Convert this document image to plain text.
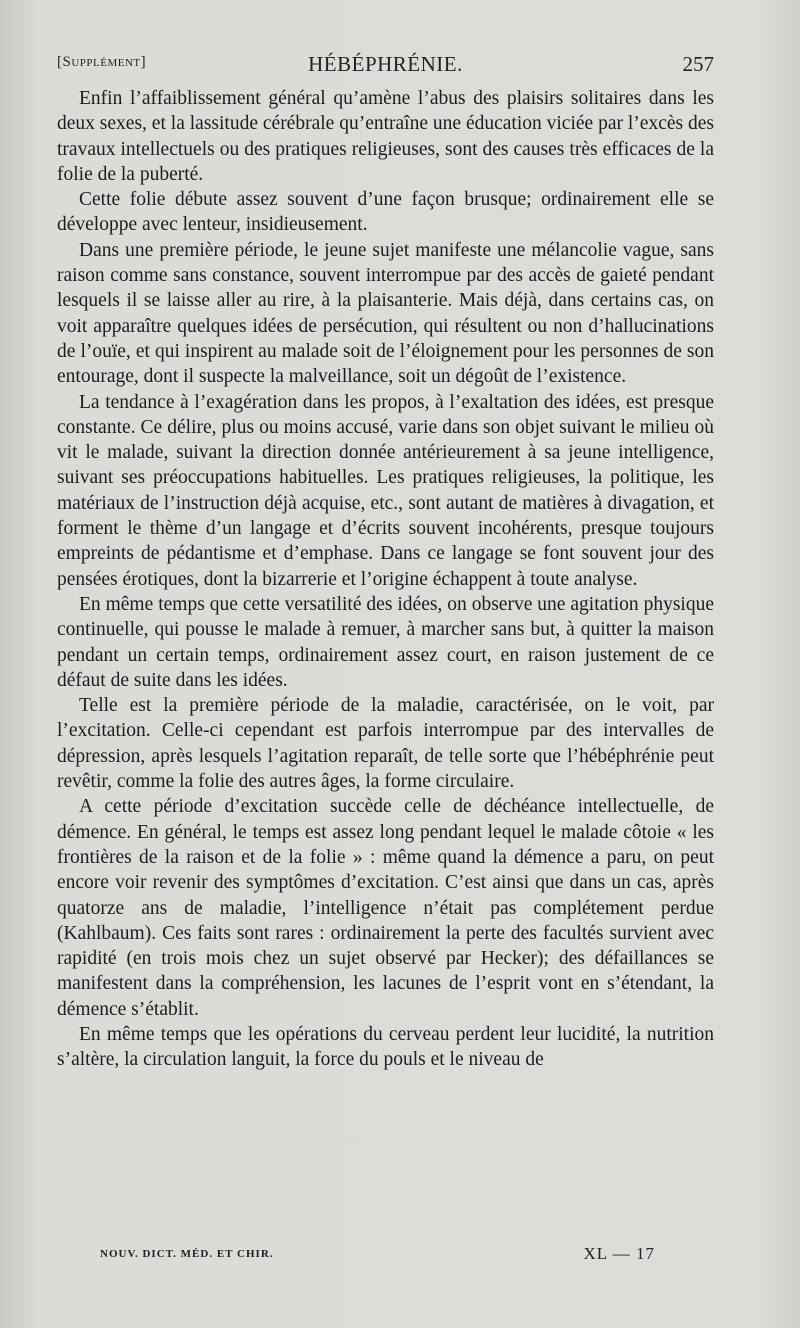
[Supplément]	HÉBÉPHRÉNIE.	257

Enfin l’affaiblissement général qu’amène l’abus des plaisirs solitaires dans les deux sexes, et la lassitude cérébrale qu’entraîne une éducation viciée par l’excès des travaux intellectuels ou des pratiques religieuses, sont des causes très efficaces de la folie de la puberté.

Cette folie débute assez souvent d’une façon brusque; ordinairement elle se développe avec lenteur, insidieusement.

Dans une première période, le jeune sujet manifeste une mélancolie vague, sans raison comme sans constance, souvent interrompue par des accès de gaieté pendant lesquels il se laisse aller au rire, à la plaisanterie. Mais déjà, dans certains cas, on voit apparaître quelques idées de persécution, qui résultent ou non d’hallucinations de l’ouïe, et qui inspirent au malade soit de l’éloignement pour les personnes de son entourage, dont il suspecte la malveillance, soit un dégoût de l’existence.

La tendance à l’exagération dans les propos, à l’exaltation des idées, est presque constante. Ce délire, plus ou moins accusé, varie dans son objet suivant le milieu où vit le malade, suivant la direction donnée antérieurement à sa jeune intelligence, suivant ses préoccupations habituelles. Les pratiques religieuses, la politique, les matériaux de l’instruction déjà acquise, etc., sont autant de matières à divagation, et forment le thème d’un langage et d’écrits souvent incohérents, presque toujours empreints de pédantisme et d’emphase. Dans ce langage se font souvent jour des pensées érotiques, dont la bizarrerie et l’origine échappent à toute analyse.

En même temps que cette versatilité des idées, on observe une agitation physique continuelle, qui pousse le malade à remuer, à marcher sans but, à quitter la maison pendant un certain temps, ordinairement assez court, en raison justement de ce défaut de suite dans les idées.

Telle est la première période de la maladie, caractérisée, on le voit, par l’excitation. Celle-ci cependant est parfois interrompue par des intervalles de dépression, après lesquels l’agitation reparaît, de telle sorte que l’hébéphrénie peut revêtir, comme la folie des autres âges, la forme circulaire.

A cette période d’excitation succède celle de déchéance intellectuelle, de démence. En général, le temps est assez long pendant lequel le malade côtoie « les frontières de la raison et de la folie » : même quand la démence a paru, on peut encore voir revenir des symptômes d’excitation. C’est ainsi que dans un cas, après quatorze ans de maladie, l’intelligence n’était pas complétement perdue (Kahlbaum). Ces faits sont rares : ordinairement la perte des facultés survient avec rapidité (en trois mois chez un sujet observé par Hecker); des défaillances se manifestent dans la compréhension, les lacunes de l’esprit vont en s’étendant, la démence s’établit.

En même temps que les opérations du cerveau perdent leur lucidité, la nutrition s’altère, la circulation languit, la force du pouls et le niveau de

NOUV. DICT. MÉD. ET CHIR.	XL — 17
